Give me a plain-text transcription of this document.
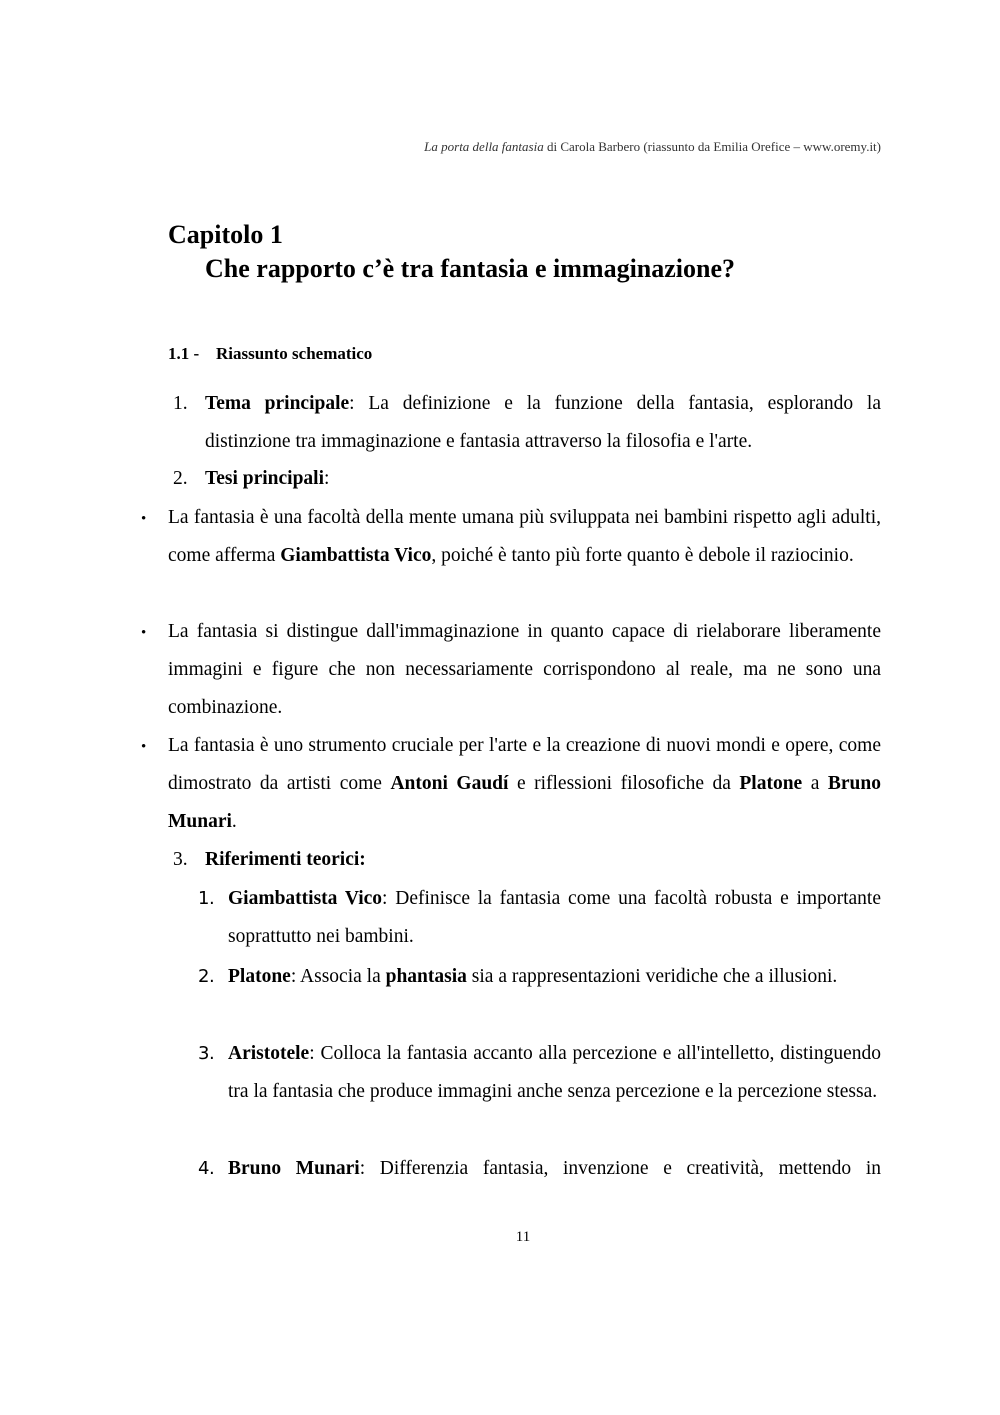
La porta della fantasia di Carola Barbero (riassunto da Emilia Orefice – www.oremy.it)
Capitolo 1
Che rapporto c’è tra fantasia e immaginazione?
1.1 - Riassunto schematico
1. Tema principale: La definizione e la funzione della fantasia, esplorando la distinzione tra immaginazione e fantasia attraverso la filosofia e l'arte.
2. Tesi principali:
• La fantasia è una facoltà della mente umana più sviluppata nei bambini rispetto agli adulti, come afferma Giambattista Vico, poiché è tanto più forte quanto è debole il raziocinio.
• La fantasia si distingue dall'immaginazione in quanto capace di rielaborare liberamente immagini e figure che non necessariamente corrispondono al reale, ma ne sono una combinazione.
• La fantasia è uno strumento cruciale per l'arte e la creazione di nuovi mondi e opere, come dimostrato da artisti come Antoni Gaudí e riflessioni filosofiche da Platone a Bruno Munari.
3. Riferimenti teorici:
1. Giambattista Vico: Definisce la fantasia come una facoltà robusta e importante soprattutto nei bambini.
2. Platone: Associa la phantasia sia a rappresentazioni veridiche che a illusioni.
3. Aristotele: Colloca la fantasia accanto alla percezione e all'intelletto, distinguendo tra la fantasia che produce immagini anche senza percezione e la percezione stessa.
4. Bruno Munari: Differenzia fantasia, invenzione e creatività, mettendo in
11
